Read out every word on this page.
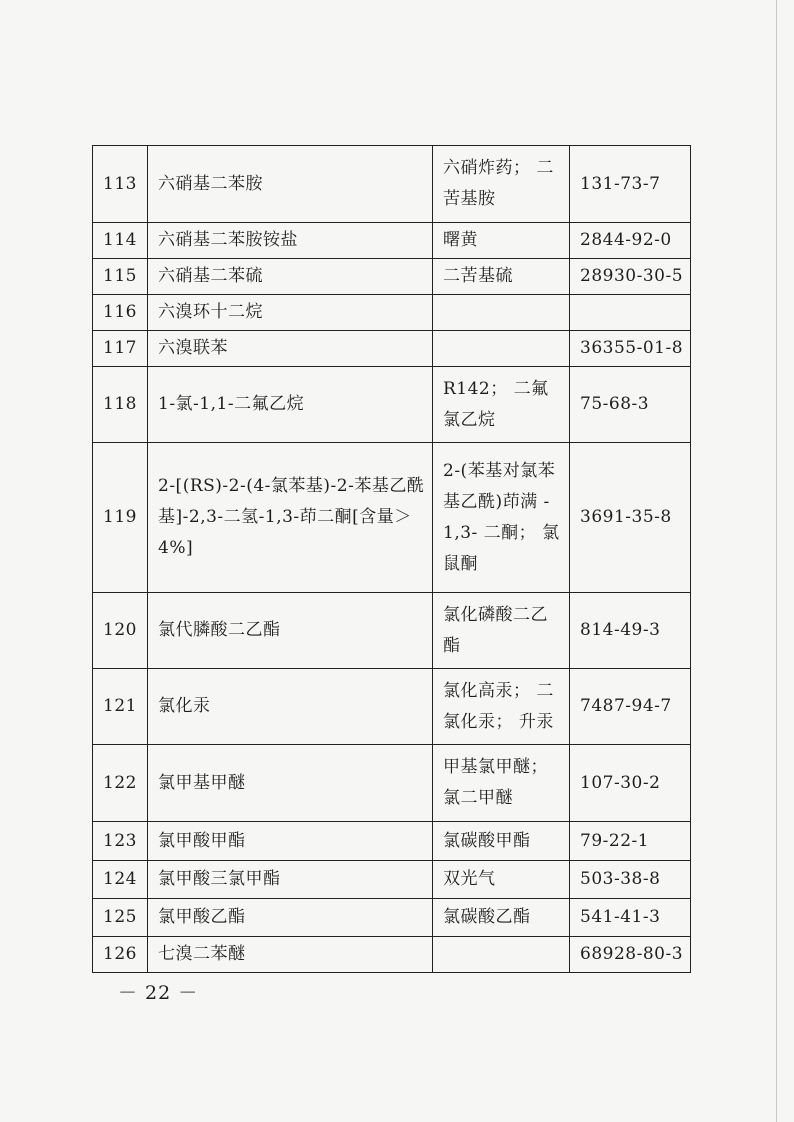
113	六硝基二苯胺	六硝炸药； 二苦基胺	131-73-7
114	六硝基二苯胺铵盐	曙黄	2844-92-0
115	六硝基二苯硫	二苦基硫	28930-30-5
116	六溴环十二烷		
117	六溴联苯		36355-01-8
118	1-氯-1,1-二氟乙烷	R142； 二氟氯乙烷	75-68-3
119	2-[(RS)-2-(4-氯苯基)-2-苯基乙酰基]-2,3-二氢-1,3-茚二酮[含量＞4%]	2-(苯基对氯苯基乙酰)茚满 -1,3- 二酮； 氯鼠酮	3691-35-8
120	氯代膦酸二乙酯	氯化磷酸二乙酯	814-49-3
121	氯化汞	氯化高汞； 二氯化汞； 升汞	7487-94-7
122	氯甲基甲醚	甲基氯甲醚； 氯二甲醚	107-30-2
123	氯甲酸甲酯	氯碳酸甲酯	79-22-1
124	氯甲酸三氯甲酯	双光气	503-38-8
125	氯甲酸乙酯	氯碳酸乙酯	541-41-3
126	七溴二苯醚		68928-80-3
－ 22 －
